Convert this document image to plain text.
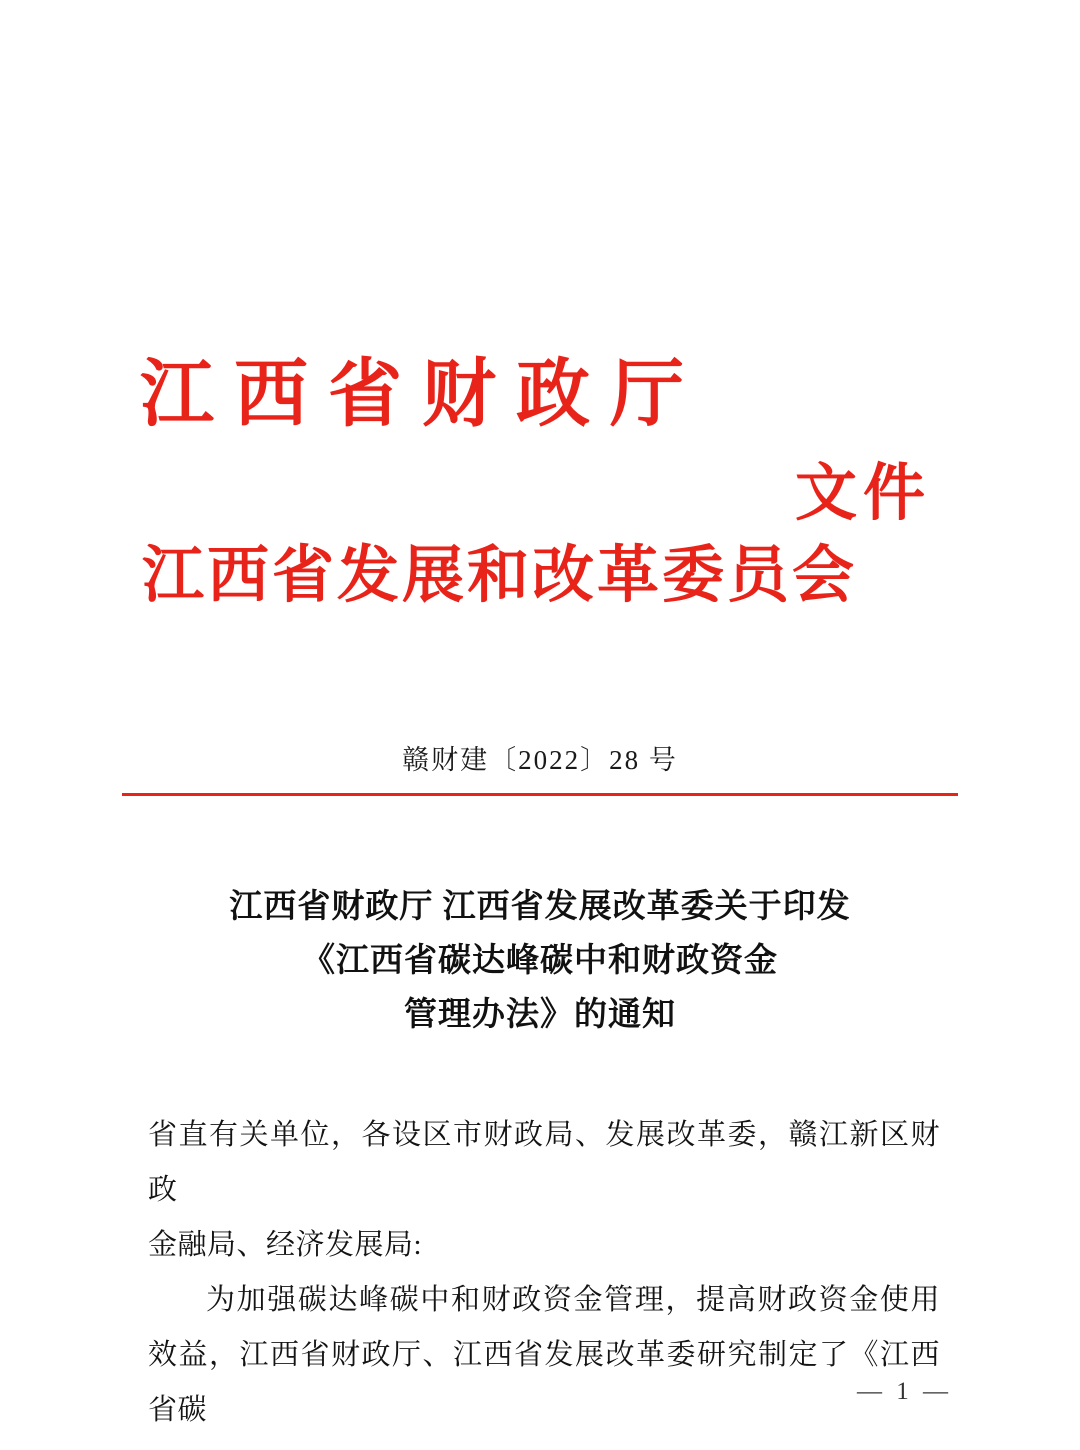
江西省财政厅
文件
江西省发展和改革委员会
赣财建〔2022〕28 号
江西省财政厅 江西省发展改革委关于印发
《江西省碳达峰碳中和财政资金
管理办法》的通知

省直有关单位，各设区市财政局、发展改革委，赣江新区财政

金融局、经济发展局:

为加强碳达峰碳中和财政资金管理，提高财政资金使用效益，江西省财政厅、江西省发展改革委研究制定了《江西省碳

— 1 —
